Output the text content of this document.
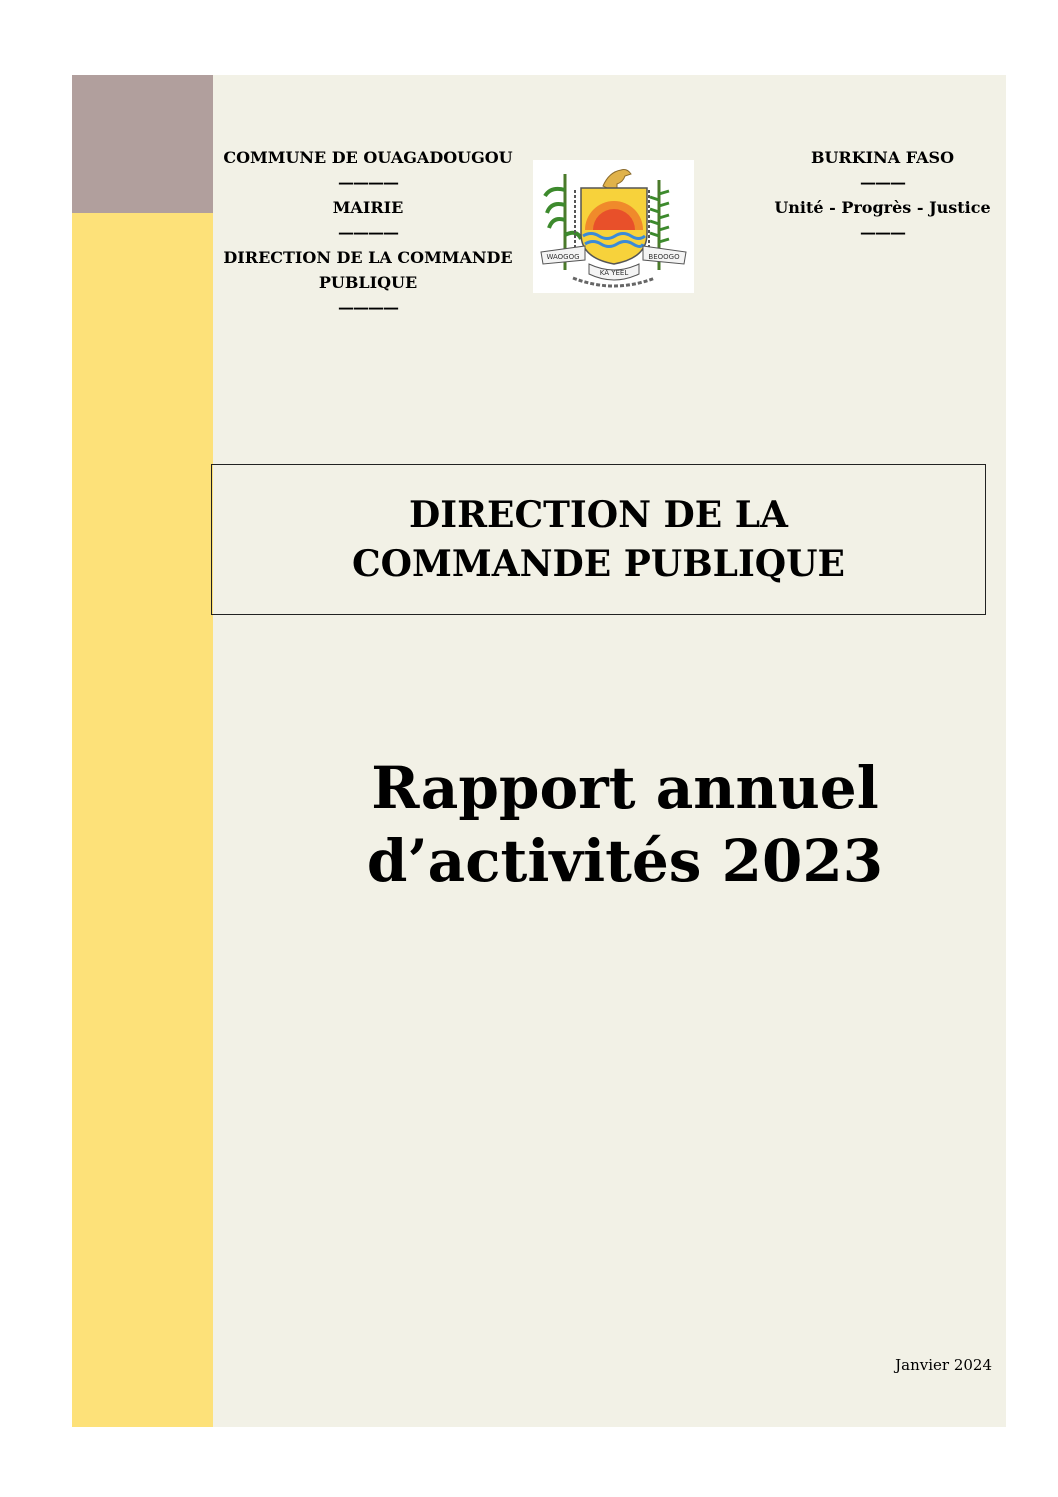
COMMUNE DE OUAGADOUGOU
————
MAIRIE
————
DIRECTION DE LA COMMANDE PUBLIQUE
————
WAOGOG
KA YEEL
BEOOGO
BURKINA FASO
———
Unité - Progrès - Justice
———
DIRECTION DE LA COMMANDE PUBLIQUE
Rapport annuel
d’activités 2023
Janvier 2024
